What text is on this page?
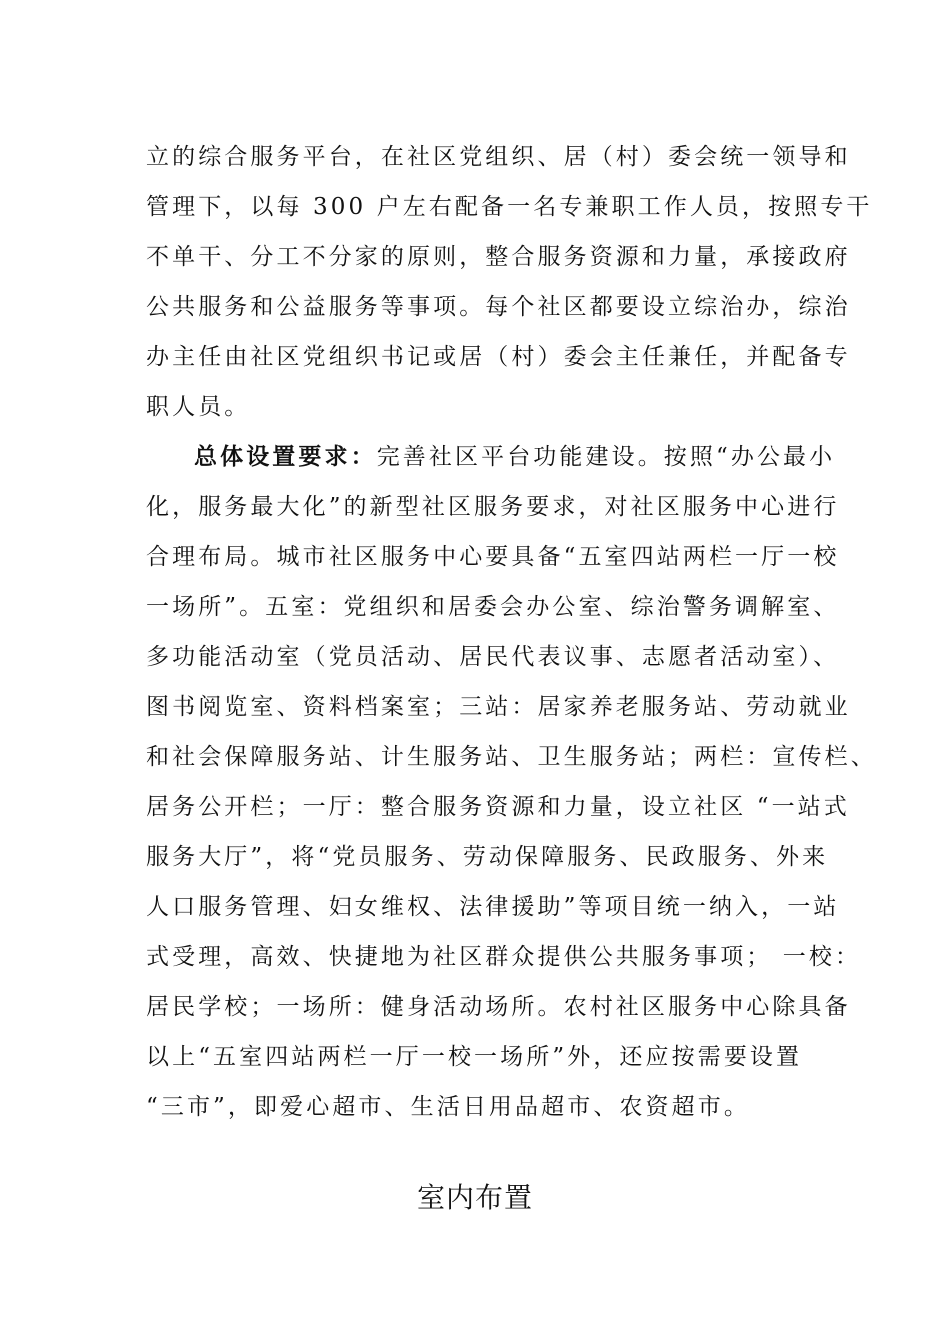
立的综合服务平台，在社区党组织、居（村）委会统一领导和
管理下，以每 300 户左右配备一名专兼职工作人员，按照专干
不单干、分工不分家的原则，整合服务资源和力量，承接政府
公共服务和公益服务等事项。每个社区都要设立综治办，综治
办主任由社区党组织书记或居（村）委会主任兼任，并配备专
职人员。
总体设置要求：完善社区平台功能建设。按照“办公最小
化，服务最大化”的新型社区服务要求，对社区服务中心进行
合理布局。城市社区服务中心要具备“五室四站两栏一厅一校
一场所”。五室：党组织和居委会办公室、综治警务调解室、
多功能活动室（党员活动、居民代表议事、志愿者活动室）、
图书阅览室、资料档案室；三站：居家养老服务站、劳动就业
和社会保障服务站、计生服务站、卫生服务站；两栏：宣传栏、
居务公开栏；一厅：整合服务资源和力量，设立社区 “一站式
服务大厅”，将“党员服务、劳动保障服务、民政服务、外来
人口服务管理、妇女维权、法律援助”等项目统一纳入，一站
式受理，高效、快捷地为社区群众提供公共服务事项； 一校：
居民学校；一场所：健身活动场所。农村社区服务中心除具备
以上“五室四站两栏一厅一校一场所”外，还应按需要设置
“三市”，即爱心超市、生活日用品超市、农资超市。
室内布置
